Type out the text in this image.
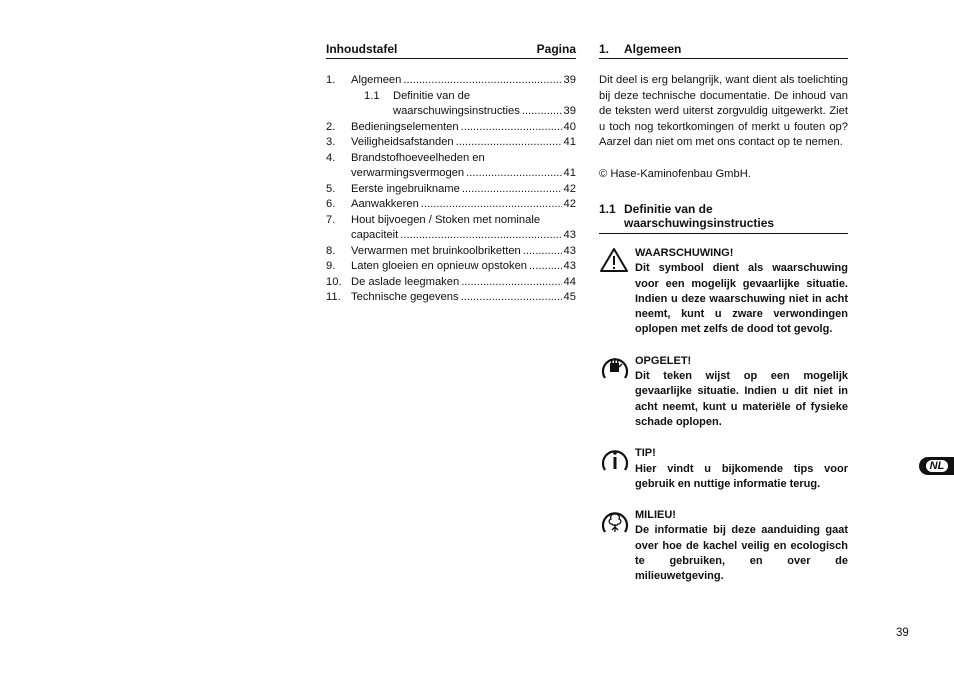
Inhoudstafel	Pagina
1.	Algemeen .....	39
1.1	Definitie van de
waarschuwingsinstructies .....	39
2.	Bedieningselementen .....	40
3.	Veiligheidsafstanden .....	41
4.	Brandstofhoeveelheden en
verwarmingsvermogen .....	41
5.	Eerste ingebruikname .....	42
6.	Aanwakkeren .....	42
7.	Hout bijvoegen / Stoken met nominale
capaciteit .....	43
8.	Verwarmen met bruinkoolbriketten .....	43
9.	Laten gloeien en opnieuw opstoken .....	43
10. De aslade leegmaken .....	44
11. Technische gegevens .....	45
1.	Algemeen
Dit deel is erg belangrijk, want dient als toelichting bij deze technische documentatie. De inhoud van de teksten werd uiterst zorgvuldig uitgewerkt. Ziet u toch nog tekortkomingen of merkt u fouten op? Aarzel dan niet om met ons contact op te nemen.
© Hase-Kaminofenbau GmbH.
1.1 Definitie van de
waarschuwingsinstructies
WAARSCHUWING!
Dit symbool dient als waarschuwing voor een mogelijk gevaarlijke situatie. Indien u deze waarschuwing niet in acht neemt, kunt u zware verwondingen oplopen met zelfs de dood tot gevolg.
OPGELET!
Dit teken wijst op een mogelijk gevaarlijke situatie. Indien u dit niet in acht neemt, kunt u materiële of fysieke schade oplopen.
TIP!
Hier vindt u bijkomende tips voor gebruik en nuttige informatie terug.
MILIEU!
De informatie bij deze aanduiding gaat over hoe de kachel veilig en ecologisch te gebruiken, en over de milieuwetgeving.
NL
39
